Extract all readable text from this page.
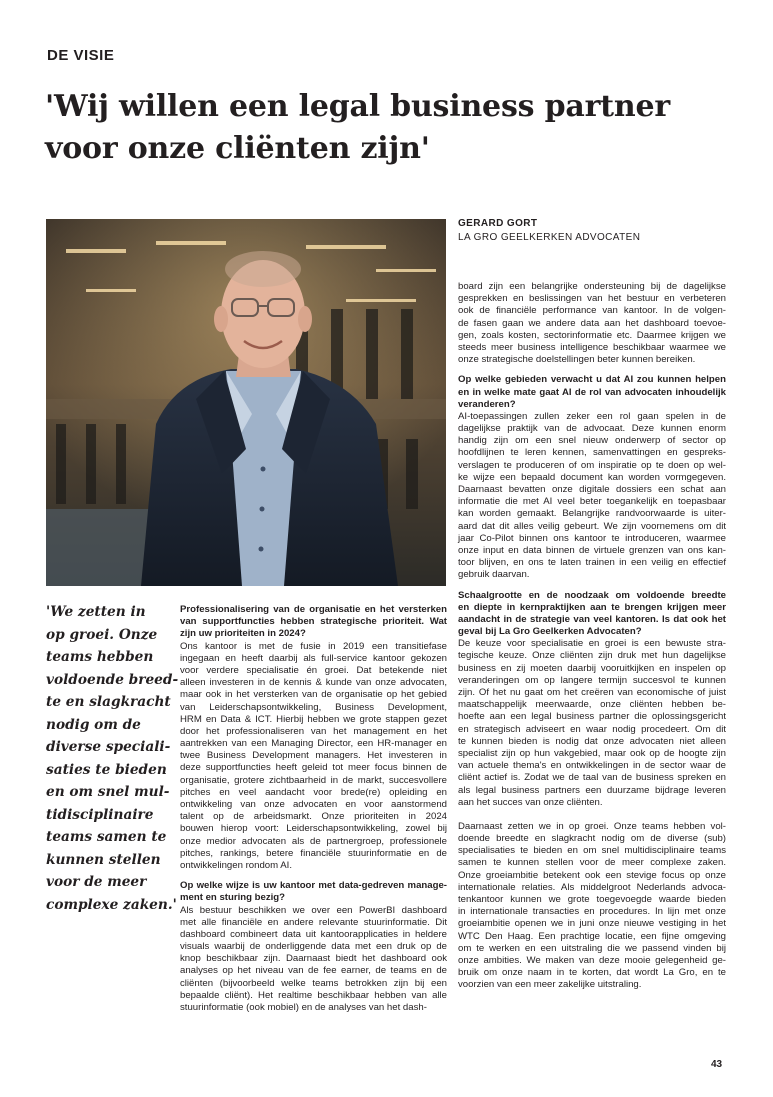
DE VISIE
'Wij willen een legal business partner
voor onze cliënten zijn'
GERARD GORT
LA GRO GEELKERKEN ADVOCATEN
'We zetten in
op groei. Onze
teams hebben
voldoende breed-
te en slagkracht
nodig om de
diverse speciali-
saties te bieden
en om snel mul-
tidisciplinaire
teams samen te
kunnen stellen
voor de meer
complexe zaken.'
Professionalisering van de organisatie en het versterken
van supportfuncties hebben strategische prioriteit. Wat
zijn uw prioriteiten in 2024?
Ons kantoor is met de fusie in 2019 een transitiefase
ingegaan en heeft daarbij als full-service kantoor gekozen
voor verdere specialisatie én groei. Dat betekende niet
alleen investeren in de kennis & kunde van onze advocaten,
maar ook in het versterken van de organisatie op het gebied
van Leiderschapsontwikkeling, Business Development,
HRM en Data & ICT. Hierbij hebben we grote stappen gezet
door het professionaliseren van het management en het
aantrekken van een Managing Director, een HR-manager en
twee Business Development managers. Het investeren in
deze supportfuncties heeft geleid tot meer focus binnen de
organisatie, grotere zichtbaarheid in de markt, succesvollere
pitches en veel aandacht voor brede(re) opleiding en
ontwikkeling van onze advocaten en voor aanstormend
talent op de arbeidsmarkt. Onze prioriteiten in 2024
bouwen hierop voort: Leiderschapsontwikkeling, zowel bij
onze medior advocaten als de partnergroep, professionele
pitches, rankings, betere financiële stuurinformatie en de
ontwikkelingen rondom AI.
Op welke wijze is uw kantoor met data-gedreven manage-
ment en sturing bezig?
Als bestuur beschikken we over een PowerBI dashboard
met alle financiële en andere relevante stuurinformatie. Dit
dashboard combineert data uit kantoorapplicaties in heldere
visuals waarbij de onderliggende data met een druk op de
knop beschikbaar zijn. Daarnaast biedt het dashboard ook
analyses op het niveau van de fee earner, de teams en de
cliënten (bijvoorbeeld welke teams betrokken zijn bij een
bepaalde cliënt). Het realtime beschikbaar hebben van alle
stuurinformatie (ook mobiel) en de analyses van het dash-
board zijn een belangrijke ondersteuning bij de dagelijkse
gesprekken en beslissingen van het bestuur en verbeteren
ook de financiële performance van kantoor. In de volgen-
de fasen gaan we andere data aan het dashboard toevoe-
gen, zoals kosten, sectorinformatie etc. Daarmee krijgen we
steeds meer business intelligence beschikbaar waarmee we
onze strategische doelstellingen beter kunnen bereiken.
Op welke gebieden verwacht u dat AI zou kunnen helpen
en in welke mate gaat AI de rol van advocaten inhoudelijk
veranderen?
AI-toepassingen zullen zeker een rol gaan spelen in de
dagelijkse praktijk van de advocaat. Deze kunnen enorm
handig zijn om een snel nieuw onderwerp of sector op
hoofdlijnen te leren kennen, samenvattingen en gespreks-
verslagen te produceren of om inspiratie op te doen op wel-
ke wijze een bepaald document kan worden vormgegeven.
Daarnaast bevatten onze digitale dossiers een schat aan
informatie die met AI veel beter toegankelijk en toepasbaar
kan worden gemaakt. Belangrijke randvoorwaarde is uiter-
aard dat dit alles veilig gebeurt. We zijn voornemens om dit
jaar Co-Pilot binnen ons kantoor te introduceren, waarmee
onze input en data binnen de virtuele grenzen van ons kan-
toor blijven, en ons te laten trainen in een veilig en effectief
gebruik daarvan.
Schaalgrootte en de noodzaak om voldoende breedte
en diepte in kernpraktijken aan te brengen krijgen meer
aandacht in de strategie van veel kantoren. Is dat ook het
geval bij La Gro Geelkerken Advocaten?
De keuze voor specialisatie en groei is een bewuste stra-
tegische keuze. Onze cliënten zijn druk met hun dagelijkse
business en zij moeten daarbij vooruitkijken en inspelen op
veranderingen om op langere termijn succesvol te kunnen
zijn. Of het nu gaat om het creëren van economische of juist
maatschappelijk meerwaarde, onze cliënten hebben be-
hoefte aan een legal business partner die oplossingsgericht
en strategisch adviseert en waar nodig procedeert. Om dit
te kunnen bieden is nodig dat onze advocaten niet alleen
specialist zijn op hun vakgebied, maar ook op de hoogte zijn
van actuele thema's en ontwikkelingen in de sector waar de
cliënt actief is. Zodat we de taal van de business spreken en
als legal business partners een duurzame bijdrage leveren
aan het succes van onze cliënten.
Daarnaast zetten we in op groei. Onze teams hebben vol-
doende breedte en slagkracht nodig om de diverse (sub)
specialisaties te bieden en om snel multidisciplinaire teams
samen te kunnen stellen voor de meer complexe zaken.
Onze groeiambitie betekent ook een stevige focus op onze
internationale relaties. Als middelgroot Nederlands advoca-
tenkantoor kunnen we grote toegevoegde waarde bieden
in internationale transacties en procedures. In lijn met onze
groeiambitie openen we in juni onze nieuwe vestiging in het
WTC Den Haag. Een prachtige locatie, een fijne omgeving
om te werken en een uitstraling die we passend vinden bij
onze ambities. We maken van deze mooie gelegenheid ge-
bruik om onze naam in te korten, dat wordt La Gro, en te
voorzien van een meer zakelijke uitstraling.
43
